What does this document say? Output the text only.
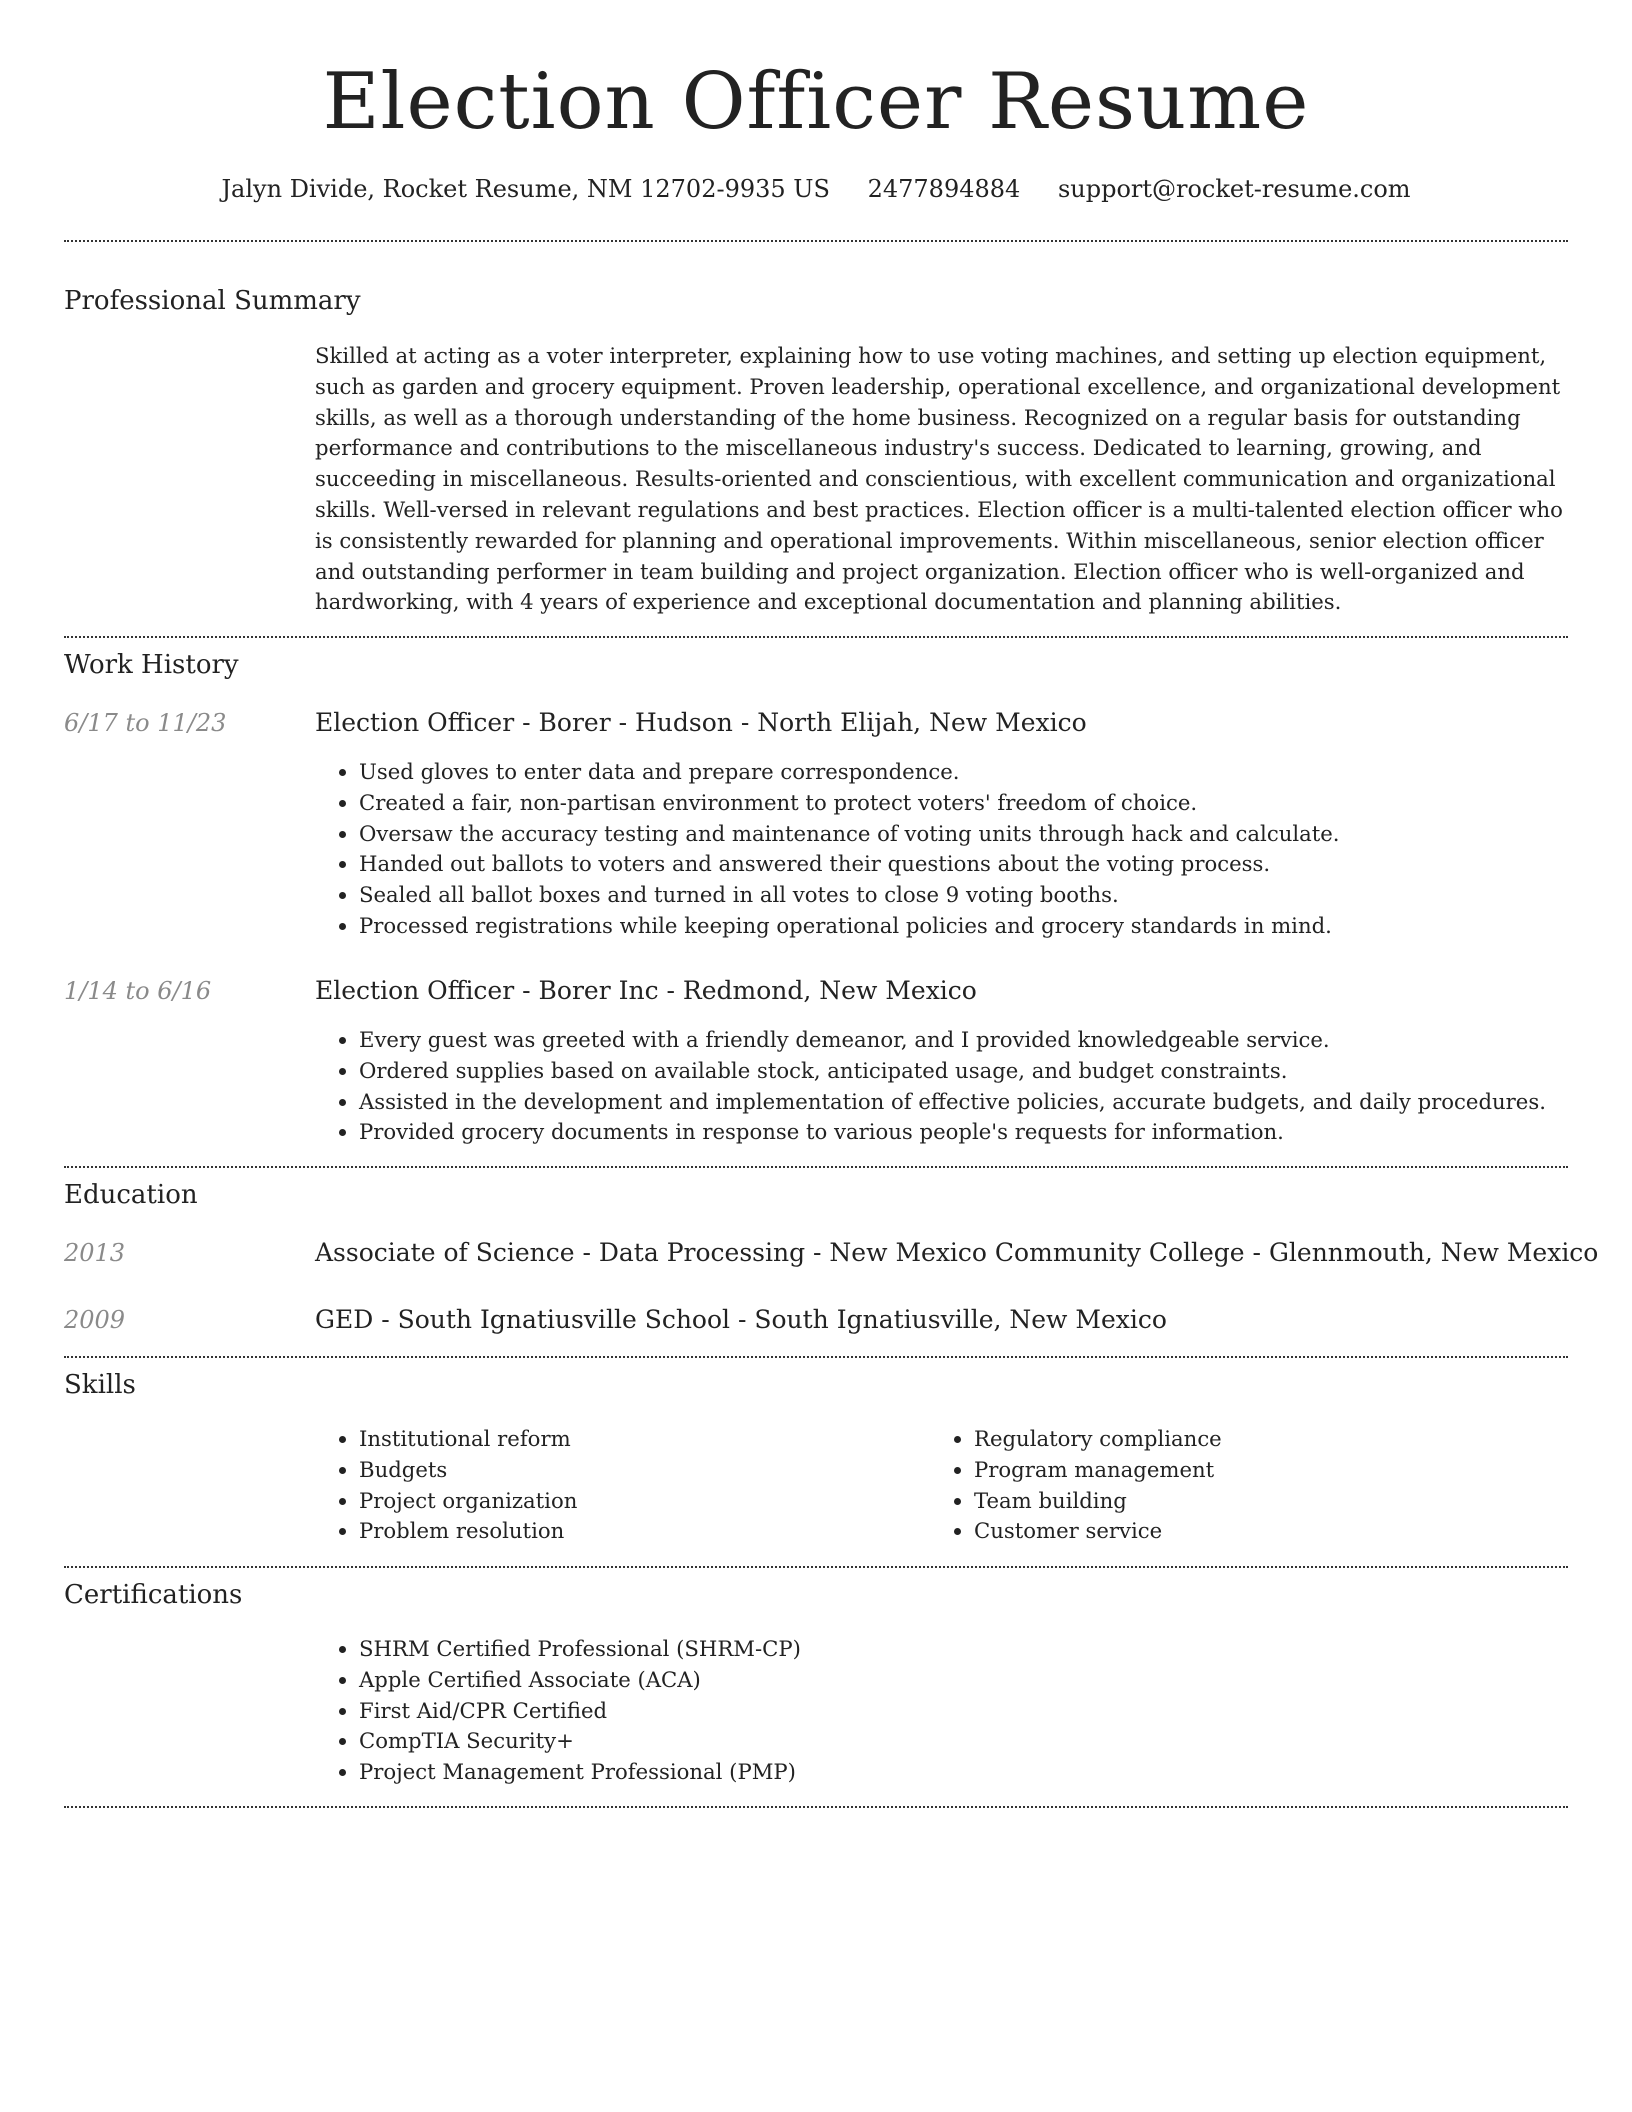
Election Officer Resume
Jalyn Divide, Rocket Resume, NM 12702-9935 US 2477894884 support@rocket-resume.com
Professional Summary

Skilled at acting as a voter interpreter, explaining how to use voting machines, and setting up election equipment, such as garden and grocery equipment. Proven leadership, operational excellence, and organizational development skills, as well as a thorough understanding of the home business. Recognized on a regular basis for outstanding performance and contributions to the miscellaneous industry's success. Dedicated to learning, growing, and succeeding in miscellaneous. Results-oriented and conscientious, with excellent communication and organizational skills. Well-versed in relevant regulations and best practices. Election officer is a multi-talented election officer who is consistently rewarded for planning and operational improvements. Within miscellaneous, senior election officer and outstanding performer in team building and project organization. Election officer who is well-organized and hardworking, with 4 years of experience and exceptional documentation and planning abilities.

Work History
6/17 to 11/23	Election Officer - Borer - Hudson - North Elijah, New Mexico
• Used gloves to enter data and prepare correspondence.
• Created a fair, non-partisan environment to protect voters' freedom of choice.
• Oversaw the accuracy testing and maintenance of voting units through hack and calculate.
• Handed out ballots to voters and answered their questions about the voting process.
• Sealed all ballot boxes and turned in all votes to close 9 voting booths.
• Processed registrations while keeping operational policies and grocery standards in mind.
1/14 to 6/16	Election Officer - Borer Inc - Redmond, New Mexico
• Every guest was greeted with a friendly demeanor, and I provided knowledgeable service.
• Ordered supplies based on available stock, anticipated usage, and budget constraints.
• Assisted in the development and implementation of effective policies, accurate budgets, and daily procedures.
• Provided grocery documents in response to various people's requests for information.
Education
2013	Associate of Science - Data Processing - New Mexico Community College - Glennmouth, New Mexico
2009	GED - South Ignatiusville School - South Ignatiusville, New Mexico
Skills
• Institutional reform
• Budgets
• Project organization
• Problem resolution
• Regulatory compliance
• Program management
• Team building
• Customer service
Certifications
• SHRM Certified Professional (SHRM-CP)
• Apple Certified Associate (ACA)
• First Aid/CPR Certified
• CompTIA Security+
• Project Management Professional (PMP)
